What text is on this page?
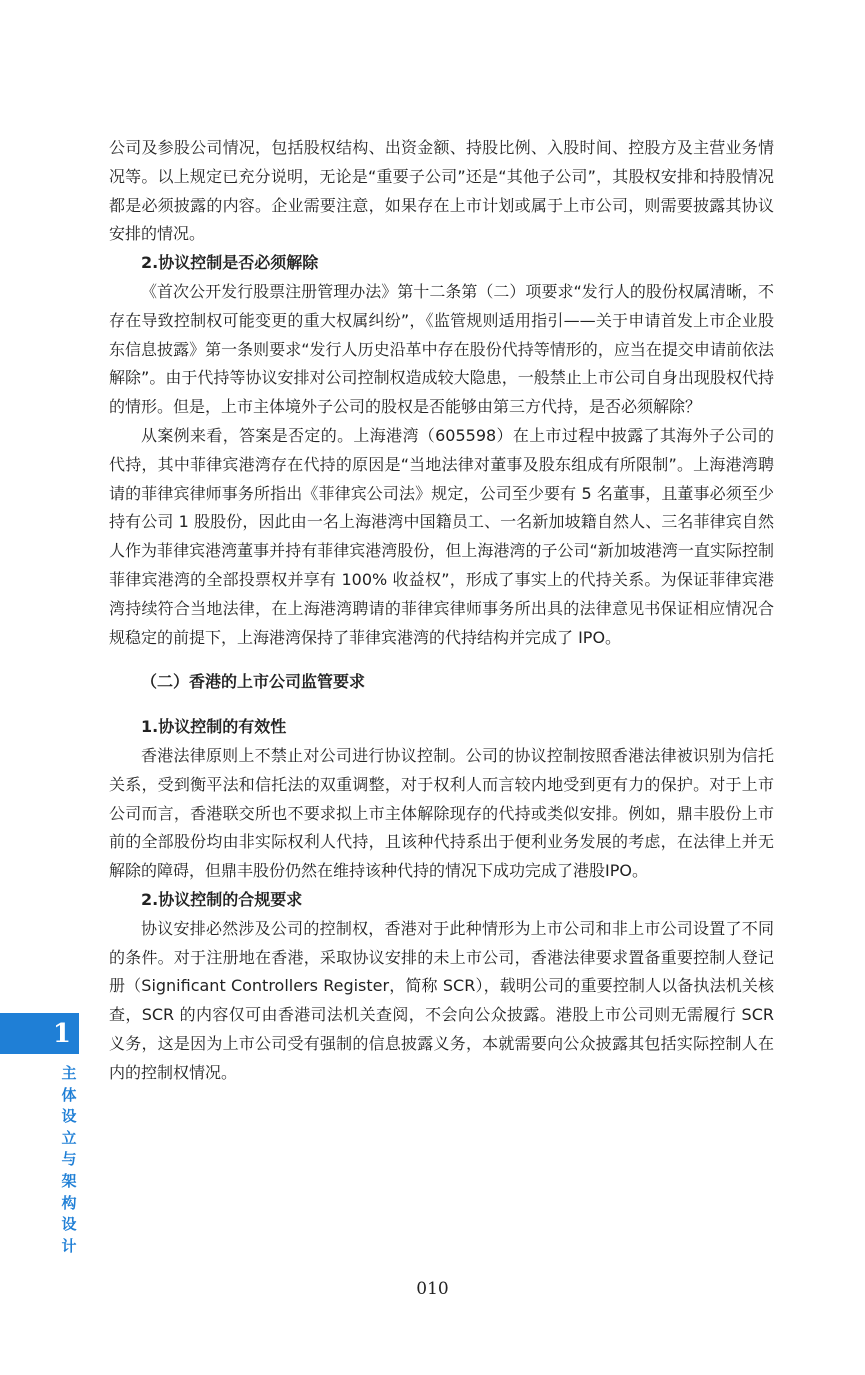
公司及参股公司情况，包括股权结构、出资金额、持股比例、入股时间、控股方及主营业务情况等。以上规定已充分说明，无论是“重要子公司”还是“其他子公司”，其股权安排和持股情况都是必须披露的内容。企业需要注意，如果存在上市计划或属于上市公司，则需要披露其协议安排的情况。

2.协议控制是否必须解除

《首次公开发行股票注册管理办法》第十二条第（二）项要求“发行人的股份权属清晰，不存在导致控制权可能变更的重大权属纠纷”，《监管规则适用指引——关于申请首发上市企业股东信息披露》第一条则要求“发行人历史沿革中存在股份代持等情形的，应当在提交申请前依法解除”。由于代持等协议安排对公司控制权造成较大隐患，一般禁止上市公司自身出现股权代持的情形。但是，上市主体境外子公司的股权是否能够由第三方代持，是否必须解除？

从案例来看，答案是否定的。上海港湾（605598）在上市过程中披露了其海外子公司的代持，其中菲律宾港湾存在代持的原因是“当地法律对董事及股东组成有所限制”。上海港湾聘请的菲律宾律师事务所指出《菲律宾公司法》规定，公司至少要有 5 名董事，且董事必须至少持有公司 1 股股份，因此由一名上海港湾中国籍员工、一名新加坡籍自然人、三名菲律宾自然人作为菲律宾港湾董事并持有菲律宾港湾股份，但上海港湾的子公司“新加坡港湾一直实际控制菲律宾港湾的全部投票权并享有 100% 收益权”，形成了事实上的代持关系。为保证菲律宾港湾持续符合当地法律，在上海港湾聘请的菲律宾律师事务所出具的法律意见书保证相应情况合规稳定的前提下，上海港湾保持了菲律宾港湾的代持结构并完成了 IPO。

（二）香港的上市公司监管要求

1.协议控制的有效性

香港法律原则上不禁止对公司进行协议控制。公司的协议控制按照香港法律被识别为信托关系，受到衡平法和信托法的双重调整，对于权利人而言较内地受到更有力的保护。对于上市公司而言，香港联交所也不要求拟上市主体解除现存的代持或类似安排。例如，鼎丰股份上市前的全部股份均由非实际权利人代持，且该种代持系出于便利业务发展的考虑，在法律上并无解除的障碍，但鼎丰股份仍然在维持该种代持的情况下成功完成了港股IPO。

2.协议控制的合规要求

协议安排必然涉及公司的控制权，香港对于此种情形为上市公司和非上市公司设置了不同的条件。对于注册地在香港，采取协议安排的未上市公司，香港法律要求置备重要控制人登记册（Significant Controllers Register，简称 SCR），载明公司的重要控制人以备执法机关核查，SCR 的内容仅可由香港司法机关查阅，不会向公众披露。港股上市公司则无需履行 SCR 义务，这是因为上市公司受有强制的信息披露义务，本就需要向公众披露其包括实际控制人在内的控制权情况。

1
主
体
设
立
与
架
构
设
计
010
